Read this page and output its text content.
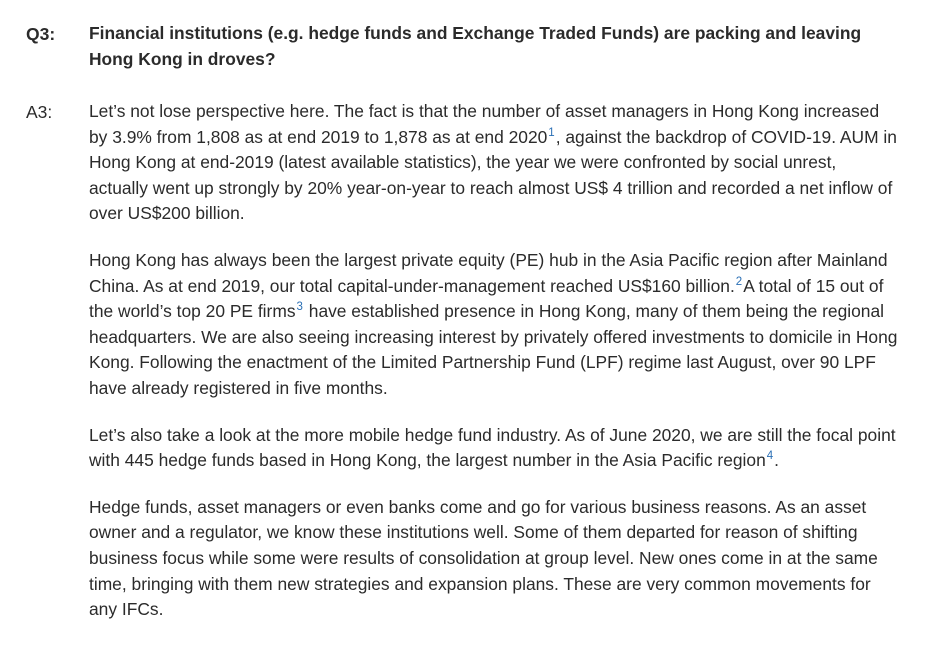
Q3: Financial institutions (e.g. hedge funds and Exchange Traded Funds) are packing and leaving Hong Kong in droves?
A3: Let’s not lose perspective here. The fact is that the number of asset managers in Hong Kong increased by 3.9% from 1,808 as at end 2019 to 1,878 as at end 2020$^1$, against the backdrop of COVID-19. AUM in Hong Kong at end-2019 (latest available statistics), the year we were confronted by social unrest, actually went up strongly by 20% year-on-year to reach almost US$ 4 trillion and recorded a net inflow of over US$200 billion.

Hong Kong has always been the largest private equity (PE) hub in the Asia Pacific region after Mainland China. As at end 2019, our total capital-under-management reached US$160 billion.$^2$A total of 15 out of the world’s top 20 PE firms$^3$ have established presence in Hong Kong, many of them being the regional headquarters. We are also seeing increasing interest by privately offered investments to domicile in Hong Kong. Following the enactment of the Limited Partnership Fund (LPF) regime last August, over 90 LPF have already registered in five months.

Let’s also take a look at the more mobile hedge fund industry. As of June 2020, we are still the focal point with 445 hedge funds based in Hong Kong, the largest number in the Asia Pacific region$^4$.

Hedge funds, asset managers or even banks come and go for various business reasons. As an asset owner and a regulator, we know these institutions well. Some of them departed for reason of shifting business focus while some were results of consolidation at group level. New ones come in at the same time, bringing with them new strategies and expansion plans. These are very common movements for any IFCs.
